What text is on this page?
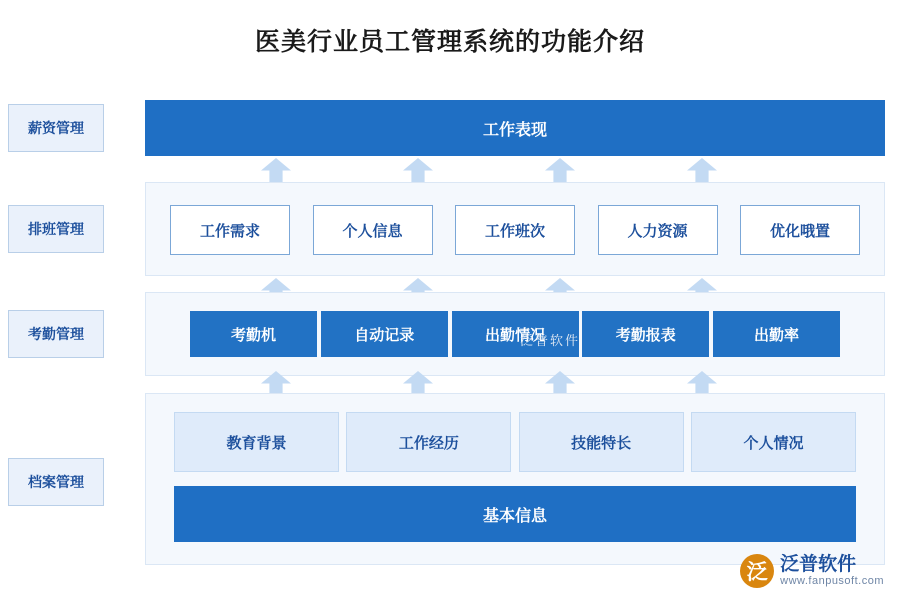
医美行业员工管理系统的功能介绍
薪资管理
排班管理
考勤管理
档案管理
工作表现
工作需求	个人信息	工作班次	人力资源	优化哦置
考勤机	自动记录	出勤情况	考勤报表	出勤率
泛普软件
教育背景	工作经历	技能特长	个人情况
基本信息
泛 泛普软件
www.fanpusoft.com
